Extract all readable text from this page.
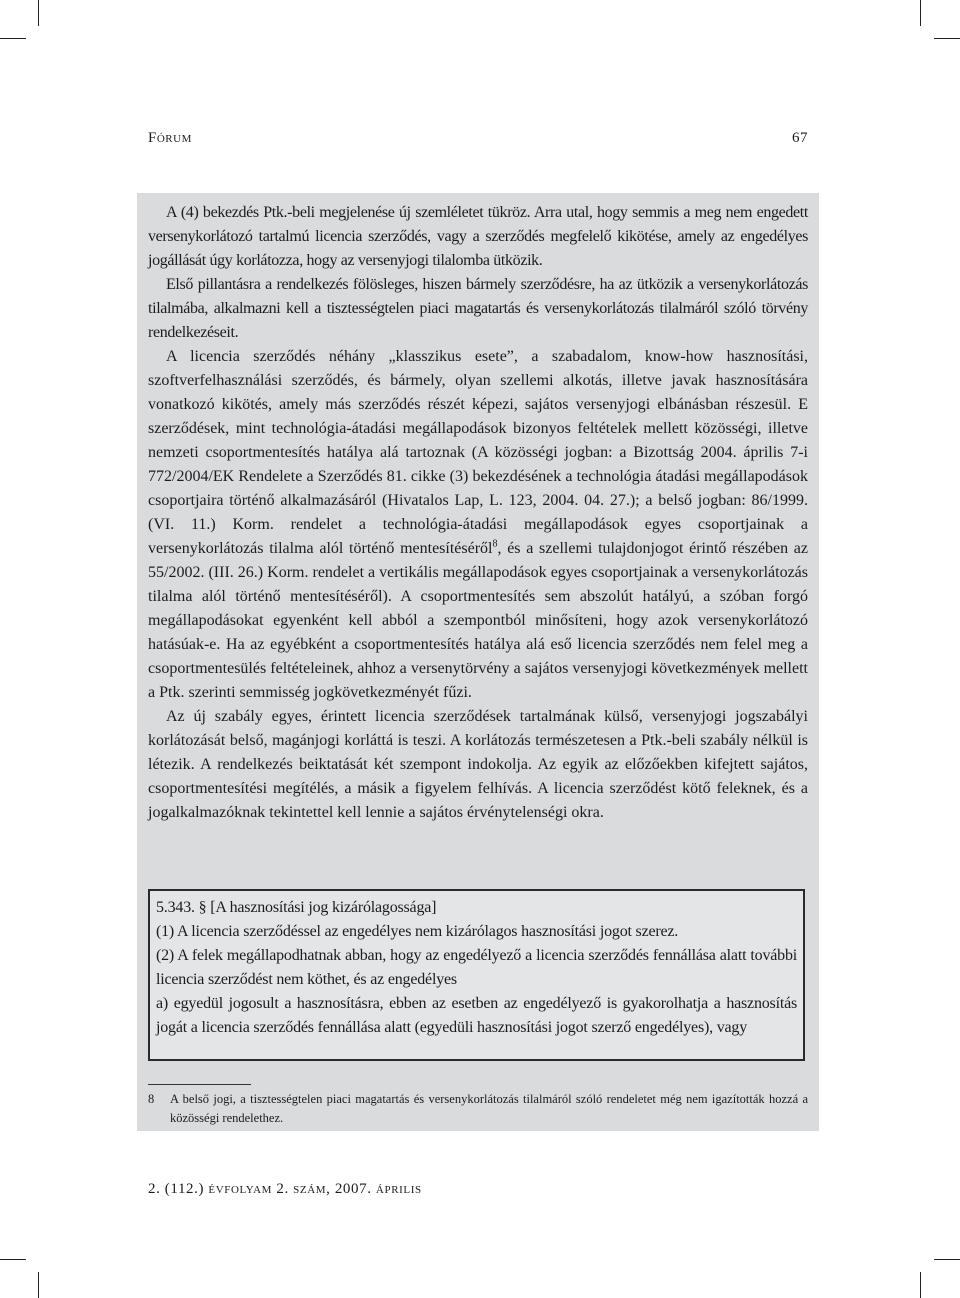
Fórum	67

A (4) bekezdés Ptk.-beli megjelenése új szemléletet tükröz. Arra utal, hogy semmis a meg nem engedett versenykorlátozó tartalmú licencia szerződés, vagy a szerződés megfelelő kikötése, amely az engedélyes jogállását úgy korlátozza, hogy az versenyjogi tilalomba ütközik.

Első pillantásra a rendelkezés fölösleges, hiszen bármely szerződésre, ha az ütközik a versenykorlátozás tilalmába, alkalmazni kell a tisztességtelen piaci magatartás és versenykorlátozás tilalmáról szóló törvény rendelkezéseit.

A licencia szerződés néhány „klasszikus esete”, a szabadalom, know-how hasznosítási, szoftverfelhasználási szerződés, és bármely, olyan szellemi alkotás, illetve javak hasznosítására vonatkozó kikötés, amely más szerződés részét képezi, sajátos versenyjogi elbánásban részesül. E szerződések, mint technológia-átadási megállapodások bizonyos feltételek mellett közösségi, illetve nemzeti csoportmentesítés hatálya alá tartoznak (A közösségi jogban: a Bizottság 2004. április 7-i 772/2004/EK Rendelete a Szerződés 81. cikke (3) bekezdésének a technológia átadási megállapodások csoportjaira történő alkalmazásáról (Hivatalos Lap, L. 123, 2004. 04. 27.); a belső jogban: 86/1999. (VI. 11.) Korm. rendelet a technológia-átadási megállapodások egyes csoportjainak a versenykorlátozás tilalma alól történő mentesítéséről$^8$, és a szellemi tulajdonjogot érintő részében az 55/2002. (III. 26.) Korm. rendelet a vertikális megállapodások egyes csoportjainak a versenykorlátozás tilalma alól történő mentesítéséről). A csoportmentesítés sem abszolút hatályú, a szóban forgó megállapodásokat egyenként kell abból a szempontból minősíteni, hogy azok versenykorlátozó hatásúak-e. Ha az egyébként a csoportmentesítés hatálya alá eső licencia szerződés nem felel meg a csoportmentesülés feltételeinek, ahhoz a versenytörvény a sajátos versenyjogi következmények mellett a Ptk. szerinti semmisség jogkövetkezményét fűzi.

Az új szabály egyes, érintett licencia szerződések tartalmának külső, versenyjogi jogszabályi korlátozását belső, magánjogi korláttá is teszi. A korlátozás természetesen a Ptk.-beli szabály nélkül is létezik. A rendelkezés beiktatását két szempont indokolja. Az egyik az előzőekben kifejtett sajátos, csoportmentesítési megítélés, a másik a figyelem felhívás. A licencia szerződést kötő feleknek, és a jogalkalmazóknak tekintettel kell lennie a sajátos érvénytelenségi okra.

5.343. § [A hasznosítási jog kizárólagossága]

(1) A licencia szerződéssel az engedélyes nem kizárólagos hasznosítási jogot szerez.

(2) A felek megállapodhatnak abban, hogy az engedélyező a licencia szerződés fennállása alatt további licencia szerződést nem köthet, és az engedélyes

a) egyedül jogosult a hasznosításra, ebben az esetben az engedélyező is gyakorolhatja a hasznosítás jogát a licencia szerződés fennállása alatt (egyedüli hasznosítási jogot szerző engedélyes), vagy

8 A belső jogi, a tisztességtelen piaci magatartás és versenykorlátozás tilalmáról szóló rendeletet még nem igazították hozzá a közösségi rendelethez.
2. (112.) évfolyam 2. szám, 2007. április
